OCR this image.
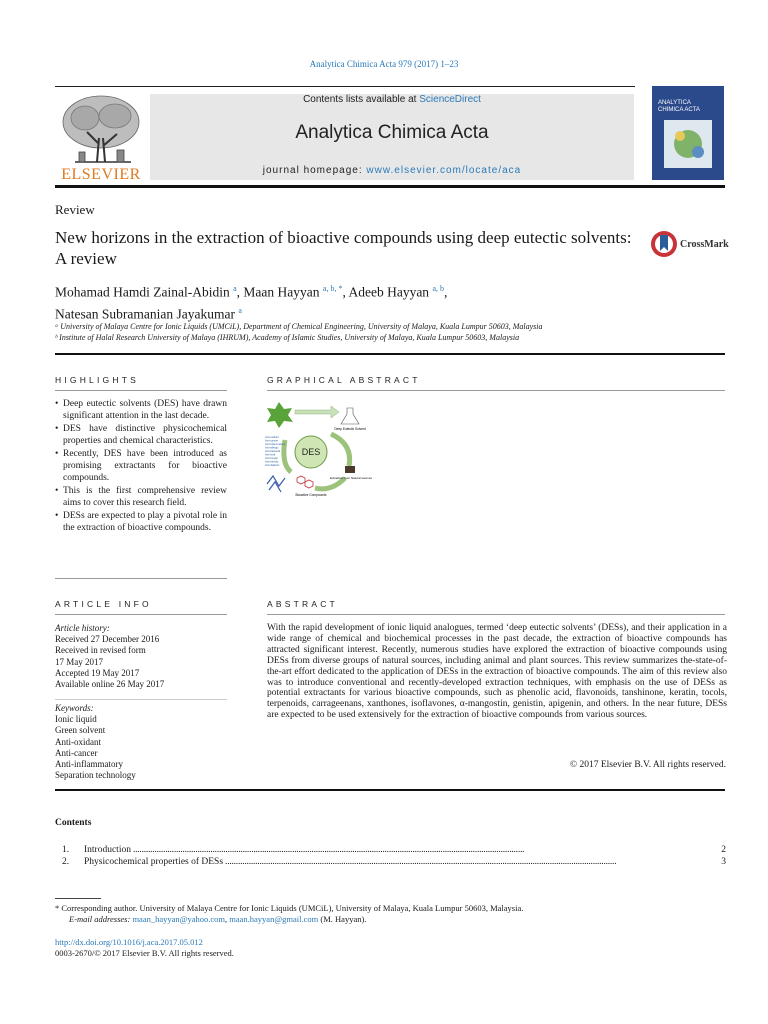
Analytica Chimica Acta 979 (2017) 1–23
ELSEVIER
Contents lists available at ScienceDirect
Analytica Chimica Acta
journal homepage: www.elsevier.com/locate/aca
ANALYTICA
CHIMICA ACTA
Review
New horizons in the extraction of bioactive compounds using deep eutectic solvents: A review
CrossMark
Mohamad Hamdi Zainal-Abidin $^a$, Maan Hayyan $^{a, b, *}$, Adeeb Hayyan $^{a, b}$,
Natesan Subramanian Jayakumar $^a$
ᵃ University of Malaya Centre for Ionic Liquids (UMCiL), Department of Chemical Engineering, University of Malaya, Kuala Lumpur 50603, Malaysia
ᵇ Institute of Halal Research University of Malaya (IHRUM), Academy of Islamic Studies, University of Malaya, Kuala Lumpur 50603, Malaysia
HIGHLIGHTS
• Deep eutectic solvents (DES) have drawn significant attention in the last decade.
• DES have distinctive physicochemical properties and chemical characteristics.
• Recently, DES have been introduced as promising extractants for bioactive compounds.
• This is the first comprehensive review aims to cover this research field.
• DESs are expected to play a pivotal role in the extraction of bioactive compounds.
GRAPHICAL ABSTRACT
Deep Eutectic Solvent
DES
Extraction from Natural sources
Bioactive Compounds
Anti-oxidant
Anti-cancer
Anti-inflammatory
Anti-allergic
Anti-bacterial
Anti-viral
Anti-fungal
Anti-obesity
Anti-diabetic
ARTICLE INFO
Article history:
Received 27 December 2016
Received in revised form
17 May 2017
Accepted 19 May 2017
Available online 26 May 2017
Keywords:
Ionic liquid
Green solvent
Anti-oxidant
Anti-cancer
Anti-inflammatory
Separation technology
ABSTRACT

With the rapid development of ionic liquid analogues, termed ‘deep eutectic solvents’ (DESs), and their application in a wide range of chemical and biochemical processes in the past decade, the extraction of bioactive compounds has attracted significant interest. Recently, numerous studies have explored the extraction of bioactive compounds using DESs from diverse groups of natural sources, including animal and plant sources. This review summarizes the-state-of-the-art effort dedicated to the application of DESs in the extraction of bioactive compounds. The aim of this review also was to introduce conventional and recently-developed extraction techniques, with emphasis on the use of DESs as potential extractants for various bioactive compounds, such as phenolic acid, flavonoids, tanshinone, keratin, tocols, terpenoids, carrageenans, xanthones, isoflavones, α-mangostin, genistin, apigenin, and others. In the near future, DESs are expected to be used extensively for the extraction of bioactive compounds from various sources.

© 2017 Elsevier B.V. All rights reserved.
Contents
1.	Introduction . . .	2
2.	Physicochemical properties of DESs . . .	3
* Corresponding author. University of Malaya Centre for Ionic Liquids (UMCiL), University of Malaya, Kuala Lumpur 50603, Malaysia.
E-mail addresses: maan_hayyan@yahoo.com, maan.hayyan@gmail.com (M. Hayyan).
http://dx.doi.org/10.1016/j.aca.2017.05.012
0003-2670/© 2017 Elsevier B.V. All rights reserved.
